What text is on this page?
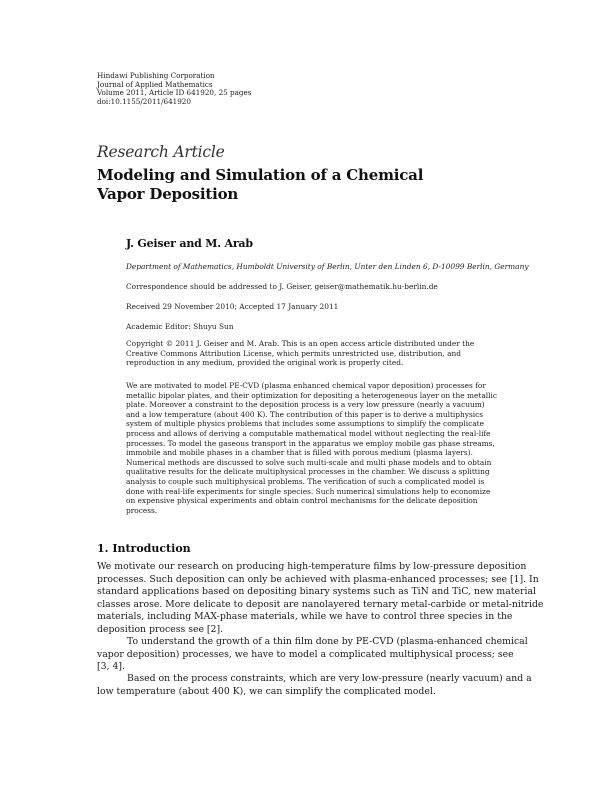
Hindawi Publishing Corporation
Journal of Applied Mathematics
Volume 2011, Article ID 641920, 25 pages
doi:10.1155/2011/641920
Research Article
Modeling and Simulation of a Chemical
Vapor Deposition
J. Geiser and M. Arab
Department of Mathematics, Humboldt University of Berlin, Unter den Linden 6, D-10099 Berlin, Germany
Correspondence should be addressed to J. Geiser, geiser@mathematik.hu-berlin.de
Received 29 November 2010; Accepted 17 January 2011
Academic Editor: Shuyu Sun
Copyright © 2011 J. Geiser and M. Arab. This is an open access article distributed under the
Creative Commons Attribution License, which permits unrestricted use, distribution, and
reproduction in any medium, provided the original work is properly cited.
We are motivated to model PE-CVD (plasma enhanced chemical vapor deposition) processes for
metallic bipolar plates, and their optimization for depositing a heterogeneous layer on the metallic
plate. Moreover a constraint to the deposition process is a very low pressure (nearly a vacuum)
and a low temperature (about 400 K). The contribution of this paper is to derive a multiphysics
system of multiple physics problems that includes some assumptions to simplify the complicate
process and allows of deriving a computable mathematical model without neglecting the real-life
processes. To model the gaseous transport in the apparatus we employ mobile gas phase streams,
immobile and mobile phases in a chamber that is filled with porous medium (plasma layers).
Numerical methods are discussed to solve such multi-scale and multi phase models and to obtain
qualitative results for the delicate multiphysical processes in the chamber. We discuss a splitting
analysis to couple such multiphysical problems. The verification of such a complicated model is
done with real-life experiments for single species. Such numerical simulations help to economize
on expensive physical experiments and obtain control mechanisms for the delicate deposition
process.
1. Introduction
We motivate our research on producing high-temperature films by low-pressure deposition
processes. Such deposition can only be achieved with plasma-enhanced processes; see [1]. In
standard applications based on depositing binary systems such as TiN and TiC, new material
classes arose. More delicate to deposit are nanolayered ternary metal-carbide or metal-nitride
materials, including MAX-phase materials, while we have to control three species in the
deposition process see [2].
To understand the growth of a thin film done by PE-CVD (plasma-enhanced chemical
vapor deposition) processes, we have to model a complicated multiphysical process; see
[3, 4].
Based on the process constraints, which are very low-pressure (nearly vacuum) and a
low temperature (about 400 K), we can simplify the complicated model.
